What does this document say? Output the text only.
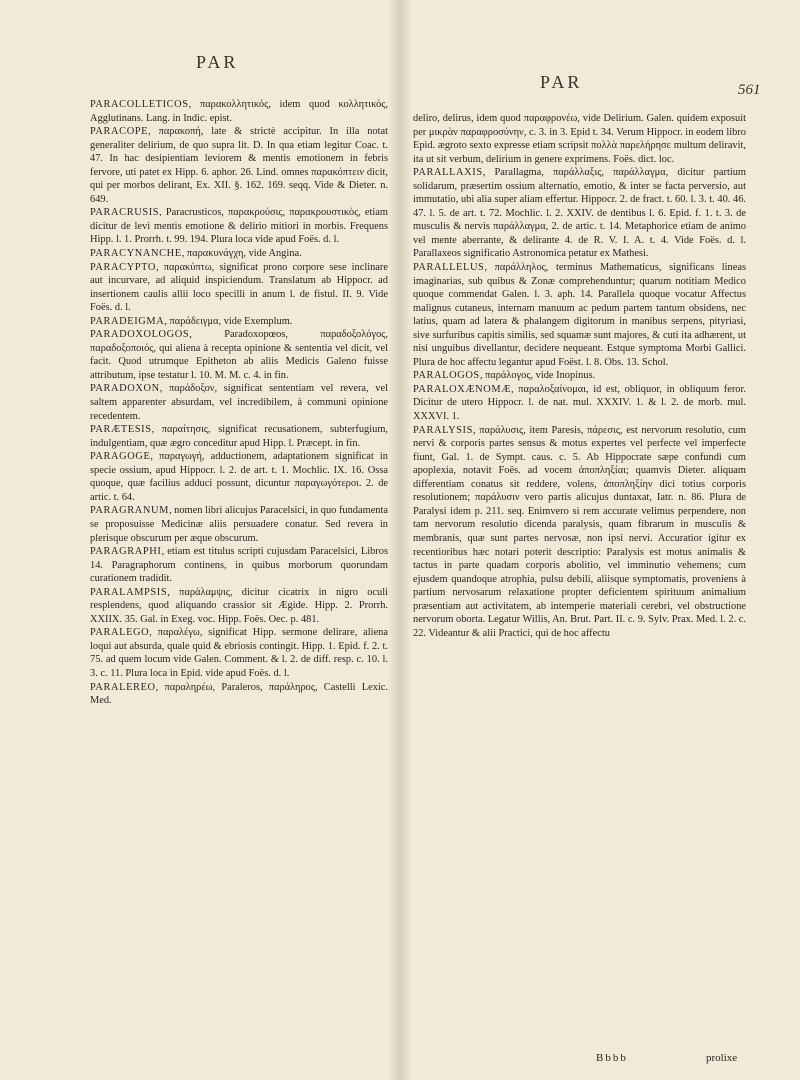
PAR
PAR	561

PARACOLLETICOS, παρακολλητικός, idem quod κολλητικός, Agglutinans. Lang. in Indic. epist.

PARACOPE, παρακοπή, late & strictè accipitur. In illa notat generaliter delirium, de quo supra lit. D. In qua etiam legitur Coac. t. 47. In hac desipientiam leviorem & mentis emotionem in febris fervore, uti patet ex Hipp. 6. aphor. 26. Lind. omnes παρακόπτειν dicit, qui per morbos delirant, Ex. XII. §. 162. 169. seqq. Vide & Dieter. n. 649.

PARACRUSIS, Paracrusticos, παρακρούσις, παρακρουστικός, etiam dicitur de levi mentis emotione & delirio mitiori in morbis. Frequens Hipp. l. 1. Prorrh. t. 99. 194. Plura loca vide apud Foës. d. l.

PARACYNANCHE, παρακυνάγχη, vide Angina.

PARACYPTO, παρακύπτω, significat prono corpore sese inclinare aut incurvare, ad aliquid inspiciendum. Translatum ab Hippocr. ad insertionem caulis allii loco specilli in anum l. de fistul. II. 9. Vide Foës. d. l.

PARADEIGMA, παράδειγμα, vide Exemplum.

PARADOXOLOGOS, Paradoxopœos, παραδοξολόγος, παραδοξοποιός, qui aliena à recepta opinione & sententia vel dicit, vel facit. Quod utrumque Epitheton ab aliis Medicis Galeno fuisse attributum, ipse testatur l. 10. M. M. c. 4. in fin.

PARADOXON, παράδοξον, significat sententiam vel revera, vel saltem apparenter absurdam, vel incredibilem, à communi opinione recedentem.

PARÆTESIS, παραίτησις, significat recusationem, subterfugium, indulgentiam, quæ ægro conceditur apud Hipp. l. Præcept. in fin.

PARAGOGE, παραγωγή, adductionem, adaptationem significat in specie ossium, apud Hippocr. l. 2. de art. t. 1. Mochlic. IX. 16. Ossa quoque, quæ facilius adduci possunt, dicuntur παραγωγότεροι. 2. de artic. t. 64.

PARAGRANUM, nomen libri alicujus Paracelsici, in quo fundamenta se proposuisse Medicinæ aliis persuadere conatur. Sed revera in plerisque obscurum per æque obscurum.

PARAGRAPHI, etiam est titulus scripti cujusdam Paracelsici, Libros 14. Paragraphorum continens, in quibus morborum quorundam curationem tradidit.

PARALAMPSIS, παράλαμψις, dicitur cicatrix in nigro oculi resplendens, quod aliquando crassior sit Ægide. Hipp. 2. Prorrh. XXIIX. 35. Gal. in Exeg. voc. Hipp. Foës. Oec. p. 481.

PARALEGO, παραλέγω, significat Hipp. sermone delirare, aliena loqui aut absurda, quale quid & ebriosis contingit. Hipp. 1. Epid. f. 2. t. 75. ad quem locum vide Galen. Comment. & l. 2. de diff. resp. c. 10. l. 3. c. 11. Plura loca in Epid. vide apud Foës. d. l.

PARALEREO, παραληρέω, Paraleros, παράληρος, Castelli Lexic. Med.

deliro, delirus, idem quod παραφρονέω, vide Delirium. Galen. quidem exposuit per μικρὰν παραφροσύνην, c. 3. in 3. Epid t. 34. Verum Hippocr. in eodem libro Epid. ægroto sexto expresse etiam scripsit πολλὰ παρελήρησε multum deliravit, ita ut sit verbum, delirium in genere exprimens. Foës. dict. loc.

PARALLAXIS, Parallagma, παράλλαξις, παράλλαγμα, dicitur partium solidarum, præsertim ossium alternatio, emotio, & inter se facta perversio, aut immutatio, ubi alia super aliam effertur. Hippocr. 2. de fract. t. 60. l. 3. t. 40. 46. 47. l. 5. de art. t. 72. Mochlic. l. 2. XXIV. de dentibus l. 6. Epid. f. 1. t. 3. de musculis & nervis παράλλαγμα, 2. de artic. t. 14. Metaphorice etiam de animo vel mente aberrante, & delirante 4. de R. V. I. A. t. 4. Vide Foës. d. l. Parallaxeos significatio Astronomica petatur ex Mathesi.

PARALLELUS, παράλληλος, terminus Mathematicus, significans lineas imaginarias, sub quibus & Zonæ comprehenduntur; quarum notitiam Medico quoque commendat Galen. l. 3. aph. 14. Parallela quoque vocatur Affectus malignus cutaneus, internam manuum ac pedum partem tantum obsidens, nec latius, quam ad latera & phalangem digitorum in manibus serpens, pityriasi, sive surfuribus capitis similis, sed squamæ sunt majores, & cuti ita adhærent, ut nisi unguibus divellantur, decidere nequeant. Estque symptoma Morbi Gallici. Plura de hoc affectu legantur apud Foëst. l. 8. Obs. 13. Schol.

PARALOGOS, παράλογος, vide Inopinus.

PARALOXÆNOMÆ, παραλοξαίνομαι, id est, obliquor, in obliquum feror. Dicitur de utero Hippocr. l. de nat. mul. XXXIV. 1. & l. 2. de morb. mul. XXXVI. 1.

PARALYSIS, παράλυσις, item Paresis, πάρεσις, est nervorum resolutio, cum nervi & corporis partes sensus & motus expertes vel perfecte vel imperfecte fiunt, Gal. 1. de Sympt. caus. c. 5. Ab Hippocrate sæpe confundi cum apoplexia, notavit Foës. ad vocem ἀποπληξίαι; quamvis Dieter. aliquam differentiam conatus sit reddere, volens, ἀποπληξίην dici totius corporis resolutionem; παράλυσιν vero partis alicujus duntaxat, Iatr. n. 86. Plura de Paralysi idem p. 211. seq. Enimvero si rem accurate velimus perpendere, non tam nervorum resolutio dicenda paralysis, quam fibrarum in musculis & membranis, quæ sunt partes nervosæ, non ipsi nervi. Accuratior igitur ex recentioribus hæc notari poterit descriptio: Paralysis est motus animalis & tactus in parte quadam corporis abolitio, vel imminutio vehemens; cum ejusdem quandoque atrophia, pulsu debili, aliisque symptomatis, proveniens à partium nervosarum relaxatione propter deficientem spirituum animalium præsentiam aut activitatem, ab intemperie materiali cerebri, vel obstructione nervorum oborta. Legatur Willis, An. Brut. Part. II. c. 9. Sylv. Prax. Med. l. 2. c. 22. Videantur & alii Practici, qui de hoc affectu

Bbbb	prolixe
